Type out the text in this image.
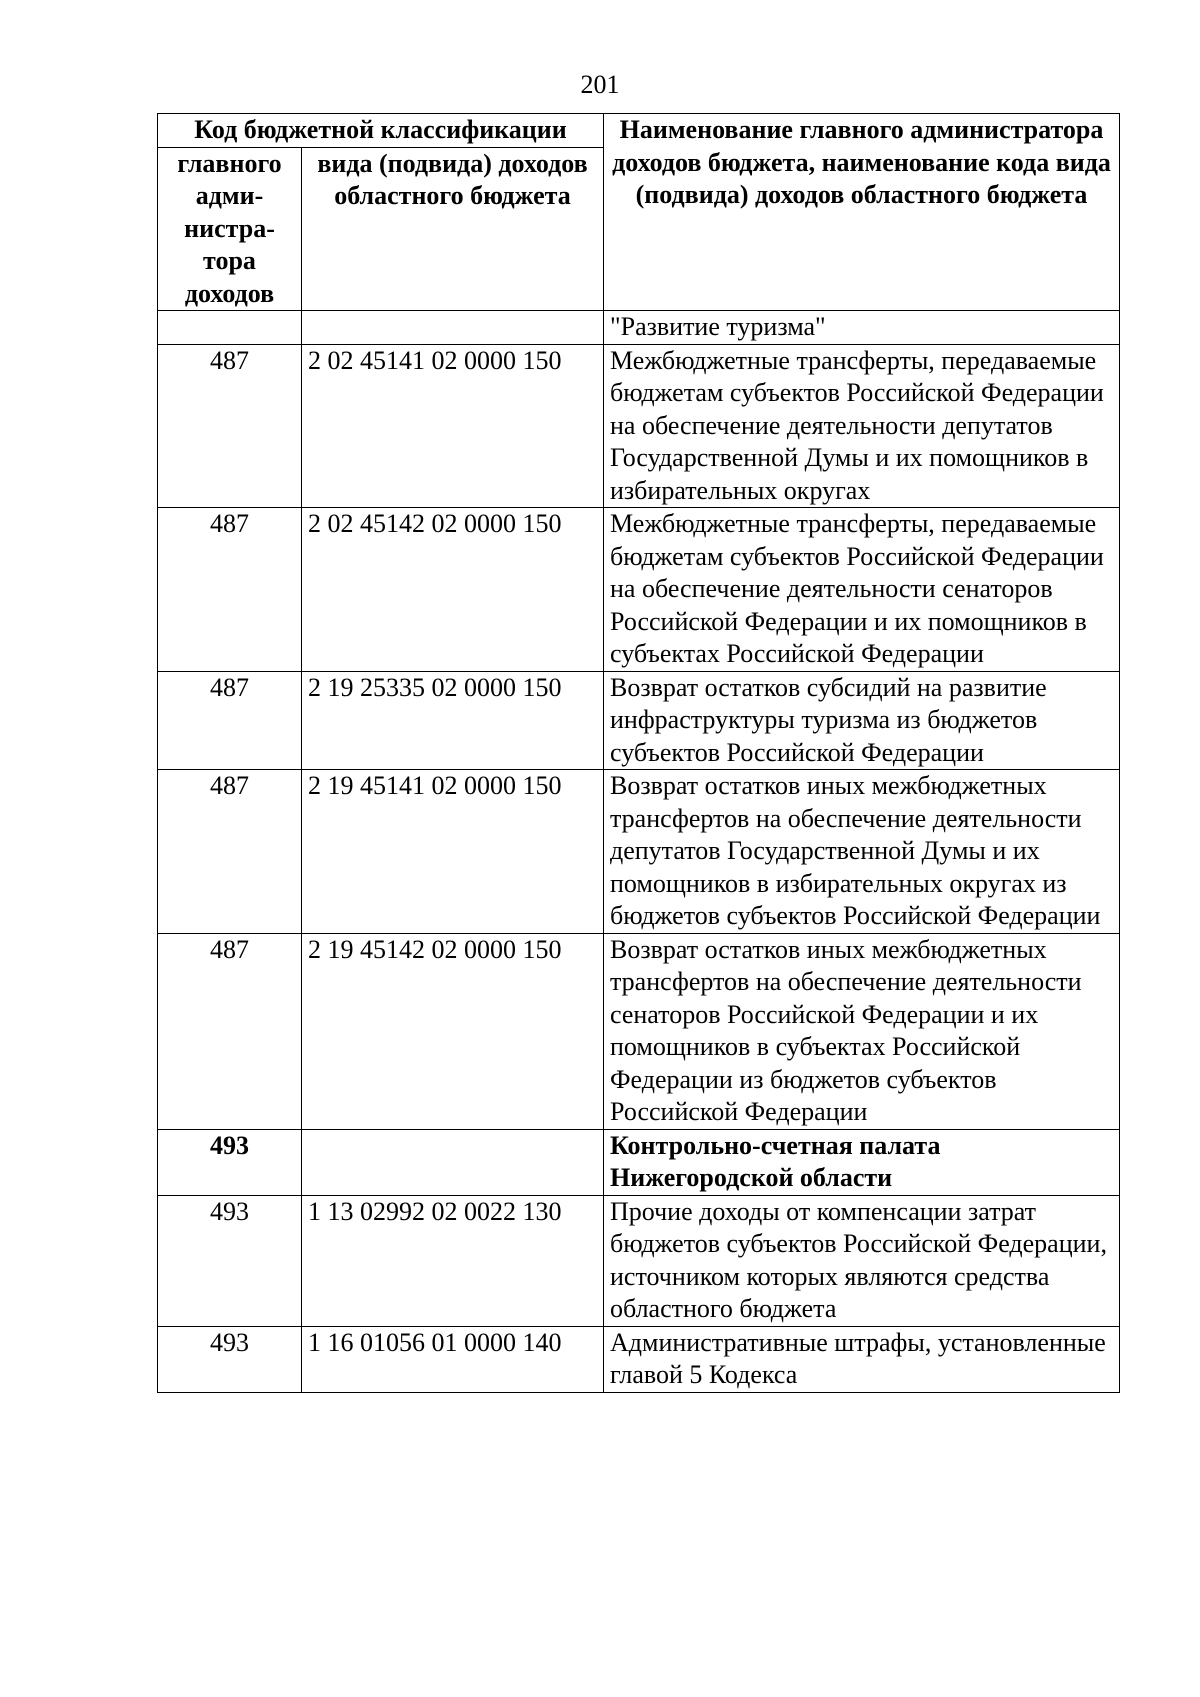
201
Код бюджетной классификации		Наименование главного администратора доходов бюджета, наименование кода вида (подвида) доходов областного бюджета
главного адми- нистра- тора доходов	вида (подвида) доходов областного бюджета	
		"Развитие туризма"
487	2 02 45141 02 0000 150	Межбюджетные трансферты, передаваемые бюджетам субъектов Российской Федерации на обеспечение деятельности депутатов Государственной Думы и их помощников в избирательных округах
487	2 02 45142 02 0000 150	Межбюджетные трансферты, передаваемые бюджетам субъектов Российской Федерации на обеспечение деятельности сенаторов Российской Федерации и их помощников в субъектах Российской Федерации
487	2 19 25335 02 0000 150	Возврат остатков субсидий на развитие инфраструктуры туризма из бюджетов субъектов Российской Федерации
487	2 19 45141 02 0000 150	Возврат остатков иных межбюджетных трансфертов на обеспечение деятельности депутатов Государственной Думы и их помощников в избирательных округах из бюджетов субъектов Российской Федерации
487	2 19 45142 02 0000 150	Возврат остатков иных межбюджетных трансфертов на обеспечение деятельности сенаторов Российской Федерации и их помощников в субъектах Российской Федерации из бюджетов субъектов Российской Федерации
493		Контрольно-счетная палата Нижегородской области
493	1 13 02992 02 0022 130	Прочие доходы от компенсации затрат бюджетов субъектов Российской Федерации, источником которых являются средства областного бюджета
493	1 16 01056 01 0000 140	Административные штрафы, установленные главой 5 Кодекса
